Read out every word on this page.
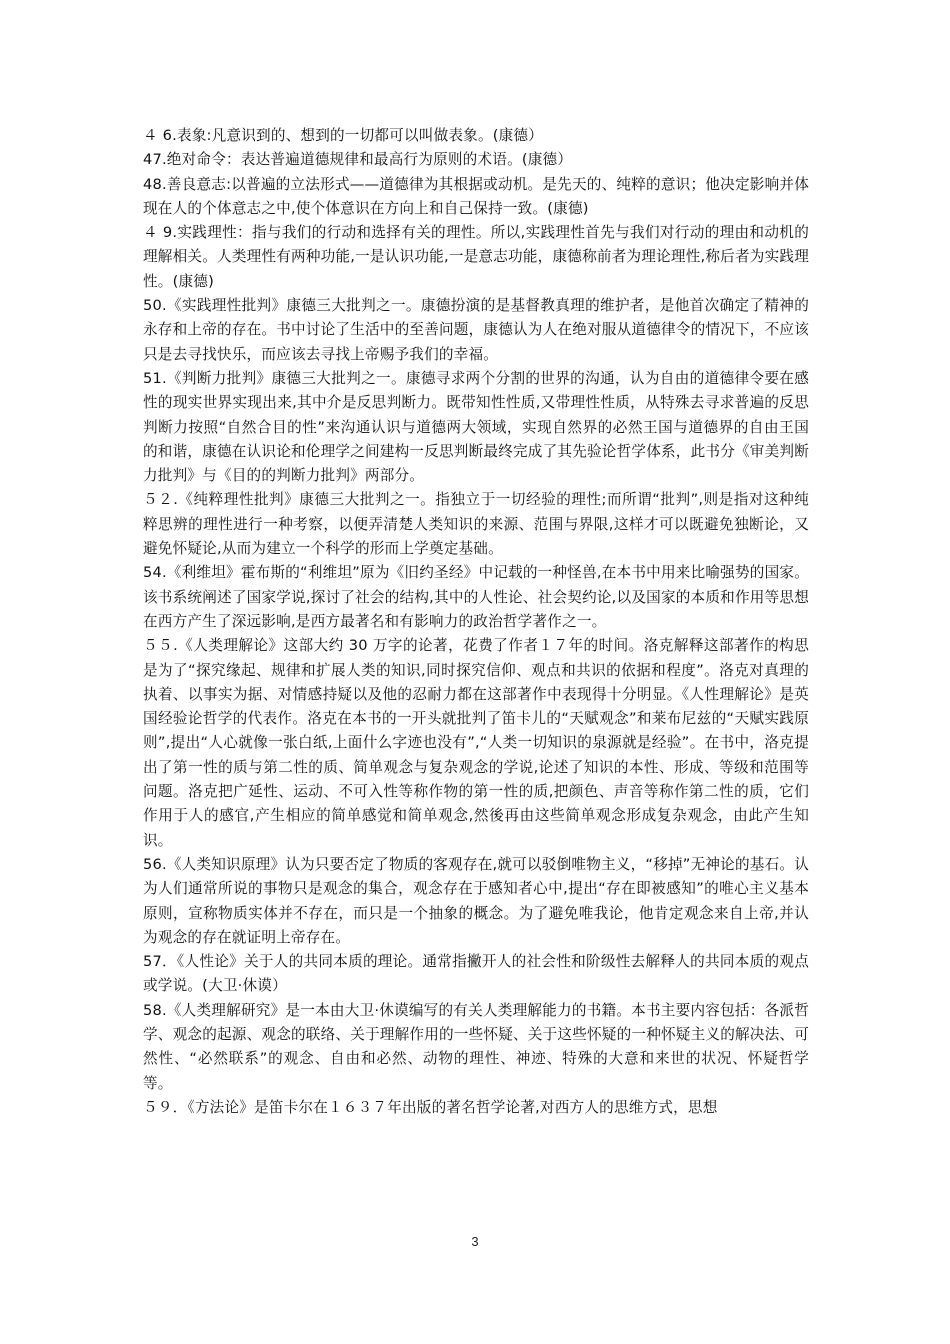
４ 6.表象:凡意识到的、想到的一切都可以叫做表象。(康德）

47.绝对命令：表达普遍道德规律和最高行为原则的术语。(康德）

48.善良意志:以普遍的立法形式——道德律为其根据或动机。是先天的、纯粹的意识；他决定影响并体现在人的个体意志之中,使个体意识在方向上和自己保持一致。(康德)

４ 9.实践理性：指与我们的行动和选择有关的理性。所以,实践理性首先与我们对行动的理由和动机的理解相关。人类理性有两种功能,一是认识功能,一是意志功能，康德称前者为理论理性,称后者为实践理性。(康德)

50.《实践理性批判》康德三大批判之一。康德扮演的是基督教真理的维护者，是他首次确定了精神的永存和上帝的存在。书中讨论了生活中的至善问题，康德认为人在绝对服从道德律令的情况下，不应该只是去寻找快乐，而应该去寻找上帝赐予我们的幸福。

51.《判断力批判》康德三大批判之一。康德寻求两个分割的世界的沟通，认为自由的道德律令要在感性的现实世界实现出来,其中介是反思判断力。既带知性性质,又带理性性质，从特殊去寻求普遍的反思判断力按照“自然合目的性”来沟通认识与道德两大领域，实现自然界的必然王国与道德界的自由王国的和谐，康德在认识论和伦理学之间建构一反思判断最终完成了其先验论哲学体系，此书分《审美判断力批判》与《目的的判断力批判》两部分。

５２.《纯粹理性批判》康德三大批判之一。指独立于一切经验的理性;而所谓“批判”,则是指对这种纯粹思辨的理性进行一种考察，以便弄清楚人类知识的来源、范围与界限,这样才可以既避免独断论，又避免怀疑论,从而为建立一个科学的形而上学奠定基础。

54.《利维坦》霍布斯的“利维坦”原为《旧约圣经》中记载的一种怪兽,在本书中用来比喻强势的国家。该书系统阐述了国家学说,探讨了社会的结构,其中的人性论、社会契约论,以及国家的本质和作用等思想在西方产生了深远影响,是西方最著名和有影响力的政治哲学著作之一。

５５.《人类理解论》这部大约 30 万字的论著，花费了作者１７年的时间。洛克解释这部著作的构思是为了“探究缘起、规律和扩展人类的知识,同时探究信仰、观点和共识的依据和程度”。洛克对真理的执着、以事实为据、对情感持疑以及他的忍耐力都在这部著作中表现得十分明显。《人性理解论》是英国经验论哲学的代表作。洛克在本书的一开头就批判了笛卡儿的“天赋观念”和莱布尼兹的“天赋实践原则”,提出“人心就像一张白纸,上面什么字迹也没有”,“人类一切知识的泉源就是经验”。在书中，洛克提出了第一性的质与第二性的质、简单观念与复杂观念的学说,论述了知识的本性、形成、等级和范围等问题。洛克把广延性、运动、不可入性等称作物的第一性的质,把颜色、声音等称作第二性的质，它们作用于人的感官,产生相应的简单感觉和简单观念,然後再由这些简单观念形成复杂观念，由此产生知识。

56.《人类知识原理》认为只要否定了物质的客观存在,就可以驳倒唯物主义，“移掉”无神论的基石。认为人们通常所说的事物只是观念的集合，观念存在于感知者心中,提出“存在即被感知”的唯心主义基本原则，宣称物质实体并不存在，而只是一个抽象的概念。为了避免唯我论，他肯定观念来自上帝,并认为观念的存在就证明上帝存在。

57．《人性论》关于人的共同本质的理论。通常指撇开人的社会性和阶级性去解释人的共同本质的观点或学说。(大卫·休谟）

58.《人类理解研究》是一本由大卫·休谟编写的有关人类理解能力的书籍。本书主要内容包括：各派哲学、观念的起源、观念的联络、关于理解作用的一些怀疑、关于这些怀疑的一种怀疑主义的解决法、可然性、“必然联系”的观念、自由和必然、动物的理性、神迹、特殊的大意和来世的状况、怀疑哲学等。

５９．《方法论》是笛卡尔在１６３７年出版的著名哲学论著,对西方人的思维方式，思想

3
